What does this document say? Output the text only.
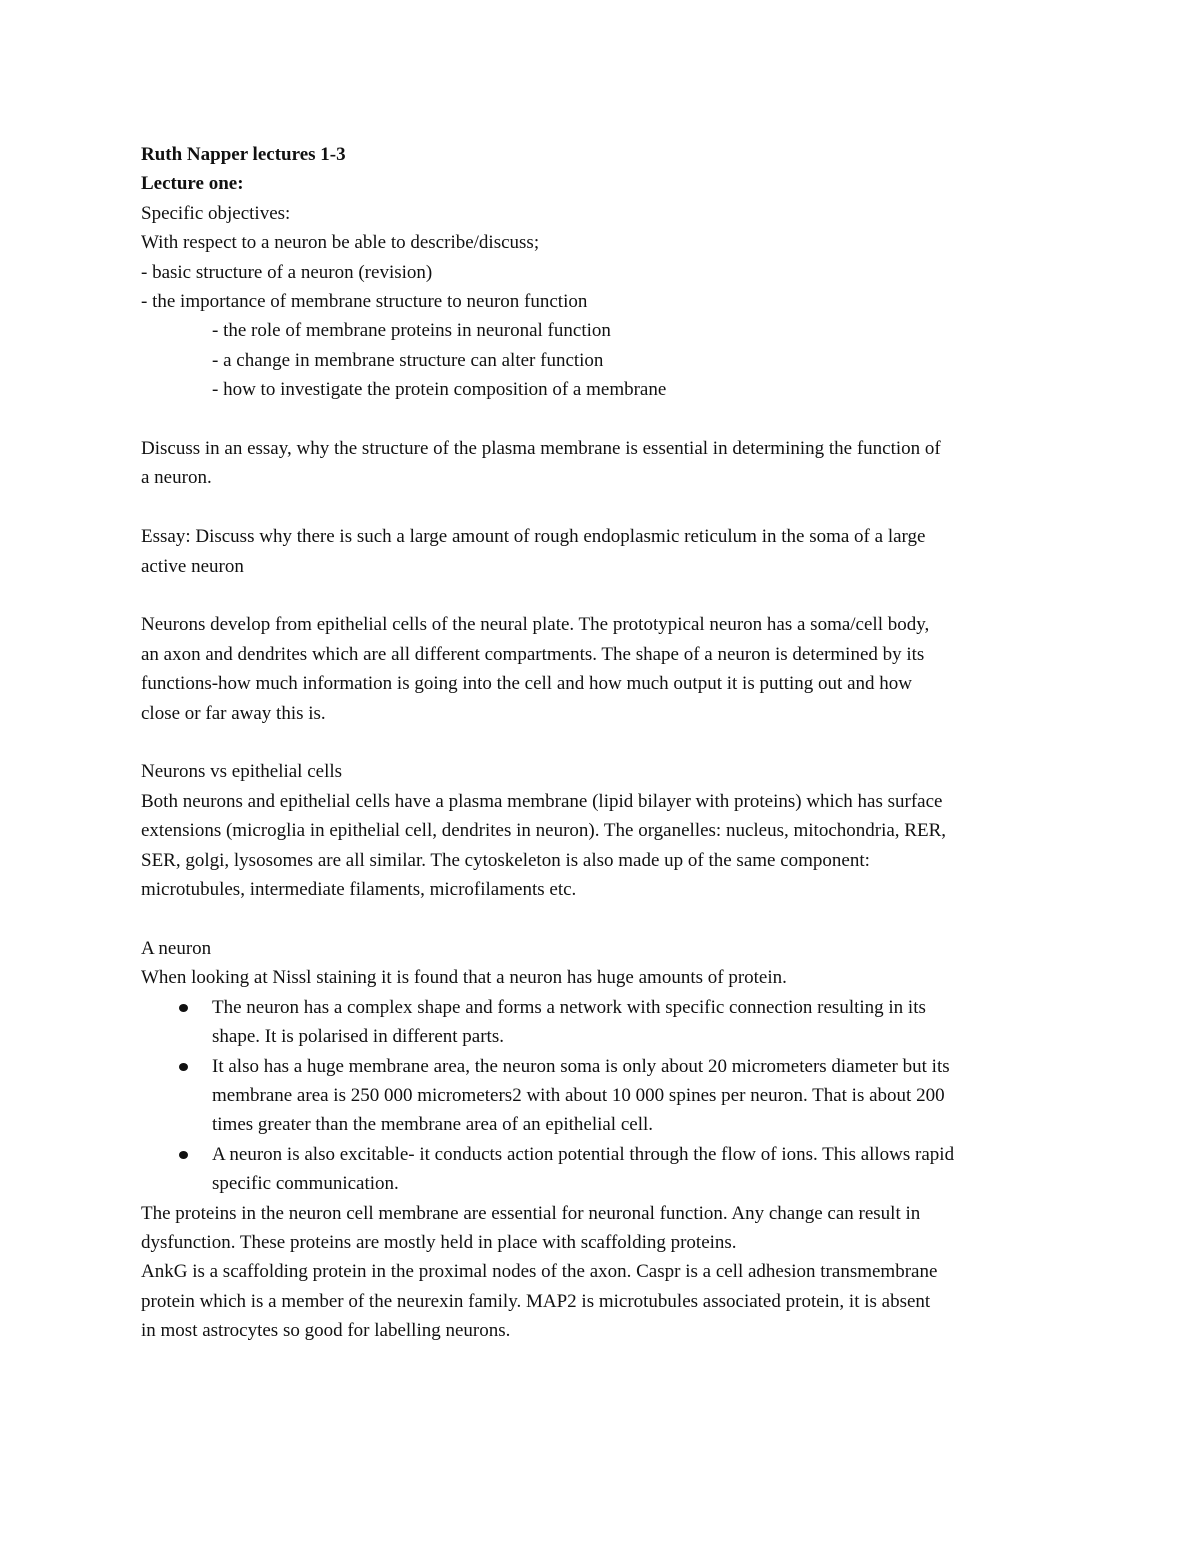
Ruth Napper lectures 1-3
Lecture one:
Specific objectives:
With respect to a neuron be able to describe/discuss;
- basic structure of a neuron (revision)
- the importance of membrane structure to neuron function
- the role of membrane proteins in neuronal function
- a change in membrane structure can alter function
- how to investigate the protein composition of a membrane
Discuss in an essay, why the structure of the plasma membrane is essential in determining the function of
a neuron.
Essay: Discuss why there is such a large amount of rough endoplasmic reticulum in the soma of a large
active neuron
Neurons develop from epithelial cells of the neural plate. The prototypical neuron has a soma/cell body,
an axon and dendrites which are all different compartments. The shape of a neuron is determined by its
functions-how much information is going into the cell and how much output it is putting out and how
close or far away this is.
Neurons vs epithelial cells
Both neurons and epithelial cells have a plasma membrane (lipid bilayer with proteins) which has surface
extensions (microglia in epithelial cell, dendrites in neuron). The organelles: nucleus, mitochondria, RER,
SER, golgi, lysosomes are all similar. The cytoskeleton is also made up of the same component:
microtubules, intermediate filaments, microfilaments etc.
A neuron
When looking at Nissl staining it is found that a neuron has huge amounts of protein.
The neuron has a complex shape and forms a network with specific connection resulting in its
shape. It is polarised in different parts.
It also has a huge membrane area, the neuron soma is only about 20 micrometers diameter but its
membrane area is 250 000 micrometers2 with about 10 000 spines per neuron. That is about 200
times greater than the membrane area of an epithelial cell.
A neuron is also excitable- it conducts action potential through the flow of ions. This allows rapid
specific communication.
The proteins in the neuron cell membrane are essential for neuronal function. Any change can result in
dysfunction. These proteins are mostly held in place with scaffolding proteins.
AnkG is a scaffolding protein in the proximal nodes of the axon. Caspr is a cell adhesion transmembrane
protein which is a member of the neurexin family. MAP2 is microtubules associated protein, it is absent
in most astrocytes so good for labelling neurons.
